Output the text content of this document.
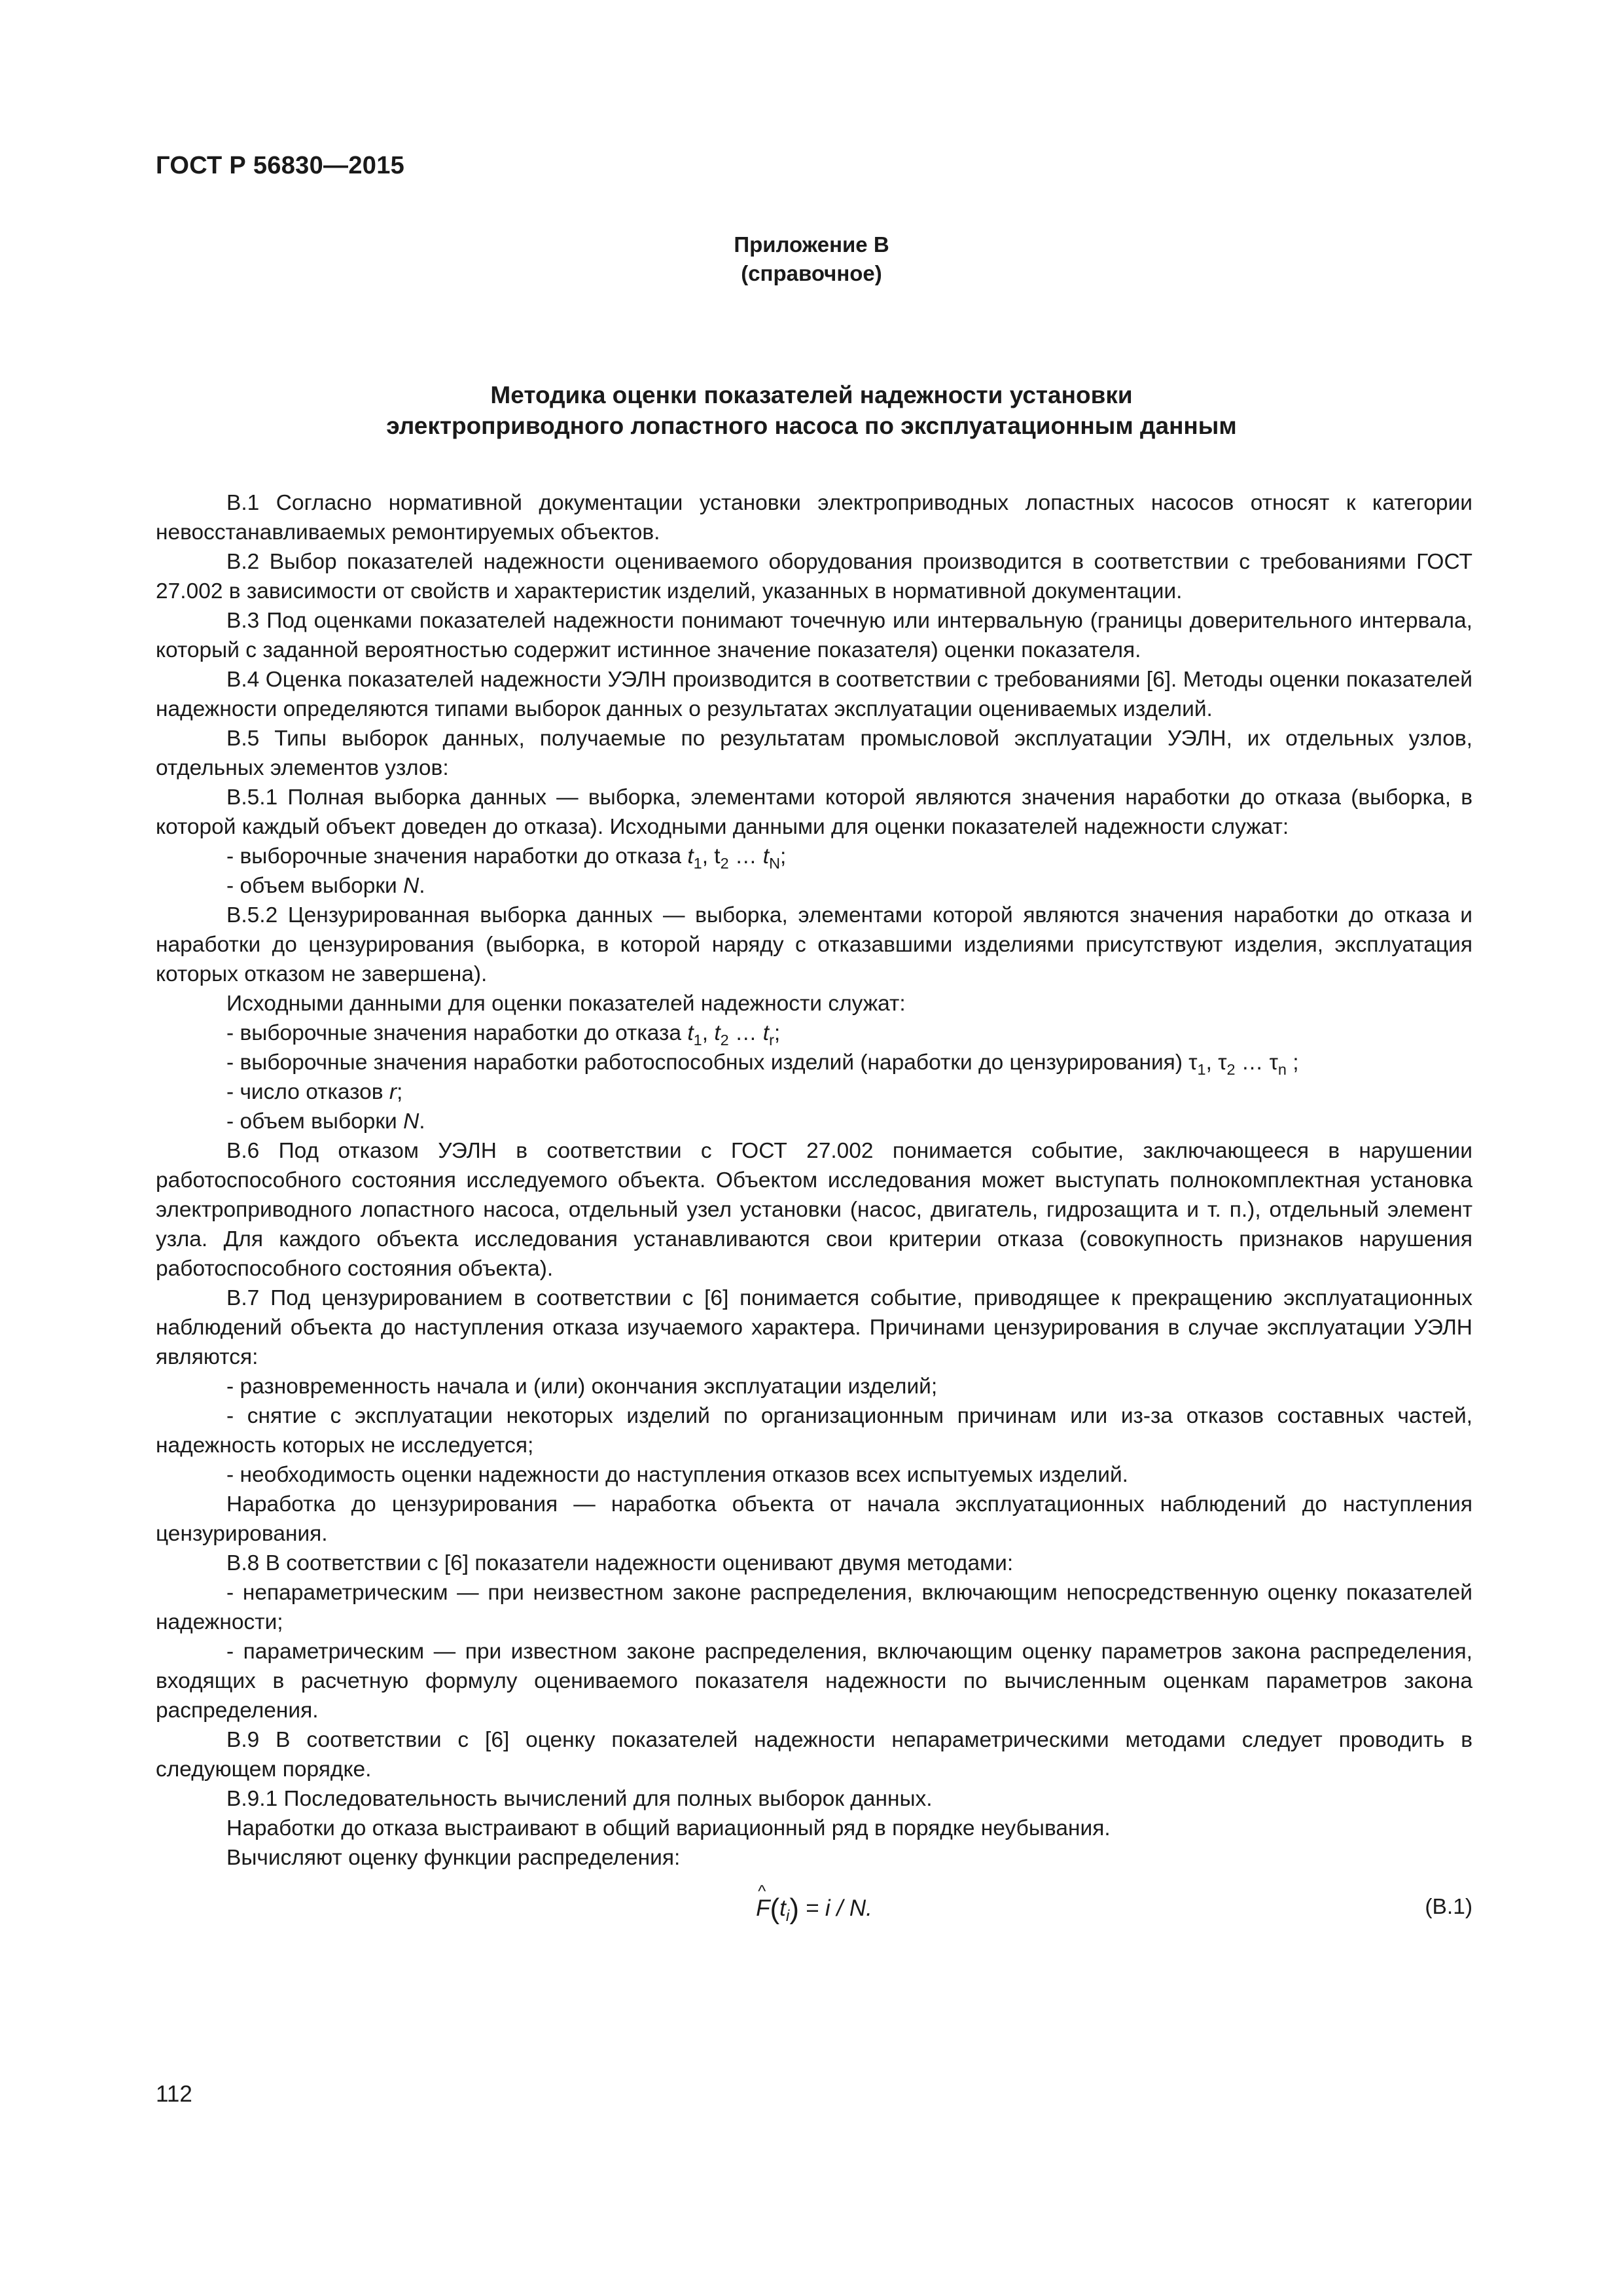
ГОСТ Р 56830—2015
Приложение В
(справочное)
Методика оценки показателей надежности установки
электроприводного лопастного насоса по эксплуатационным данным

В.1 Согласно нормативной документации установки электроприводных лопастных насосов относят к категории невосстанавливаемых ремонтируемых объектов.

В.2 Выбор показателей надежности оцениваемого оборудования производится в соответствии с требованиями ГОСТ 27.002 в зависимости от свойств и характеристик изделий, указанных в нормативной документации.

В.3 Под оценками показателей надежности понимают точечную или интервальную (границы доверительного интервала, который с заданной вероятностью содержит истинное значение показателя) оценки показателя.

В.4 Оценка показателей надежности УЭЛН производится в соответствии с требованиями [6]. Методы оценки показателей надежности определяются типами выборок данных о результатах эксплуатации оцениваемых изделий.

В.5 Типы выборок данных, получаемые по результатам промысловой эксплуатации УЭЛН, их отдельных узлов, отдельных элементов узлов:

В.5.1 Полная выборка данных — выборка, элементами которой являются значения наработки до отказа (выборка, в которой каждый объект доведен до отказа). Исходными данными для оценки показателей надежности служат:

- выборочные значения наработки до отказа $t_1$, $t_2$ … $t_N$;

- объем выборки N.

В.5.2 Цензурированная выборка данных — выборка, элементами которой являются значения наработки до отказа и наработки до цензурирования (выборка, в которой наряду с отказавшими изделиями присутствуют изделия, эксплуатация которых отказом не завершена).

Исходными данными для оценки показателей надежности служат:

- выборочные значения наработки до отказа $t_1$, $t_2$ … $t_r$;

- выборочные значения наработки работоспособных изделий (наработки до цензурирования) $\tau_1$, $\tau_2$ … $\tau_n$ ;

- число отказов r;

- объем выборки N.

В.6 Под отказом УЭЛН в соответствии с ГОСТ 27.002 понимается событие, заключающееся в нарушении работоспособного состояния исследуемого объекта. Объектом исследования может выступать полнокомплектная установка электроприводного лопастного насоса, отдельный узел установки (насос, двигатель, гидрозащита и т. п.), отдельный элемент узла. Для каждого объекта исследования устанавливаются свои критерии отказа (совокупность признаков нарушения работоспособного состояния объекта).

В.7 Под цензурированием в соответствии с [6] понимается событие, приводящее к прекращению эксплуатационных наблюдений объекта до наступления отказа изучаемого характера. Причинами цензурирования в случае эксплуатации УЭЛН являются:

- разновременность начала и (или) окончания эксплуатации изделий;

- снятие с эксплуатации некоторых изделий по организационным причинам или из-за отказов составных частей, надежность которых не исследуется;

- необходимость оценки надежности до наступления отказов всех испытуемых изделий.

Наработка до цензурирования — наработка объекта от начала эксплуатационных наблюдений до наступления цензурирования.

В.8 В соответствии с [6] показатели надежности оценивают двумя методами:

- непараметрическим — при неизвестном законе распределения, включающим непосредственную оценку показателей надежности;

- параметрическим — при известном законе распределения, включающим оценку параметров закона распределения, входящих в расчетную формулу оцениваемого показателя надежности по вычисленным оценкам параметров закона распределения.

В.9 В соответствии с [6] оценку показателей надежности непараметрическими методами следует проводить в следующем порядке.

В.9.1 Последовательность вычислений для полных выборок данных.

Наработки до отказа выстраивают в общий вариационный ряд в порядке неубывания.

Вычисляют оценку функции распределения:

^ $F(t_i) = i / N$.	(В.1)
112
